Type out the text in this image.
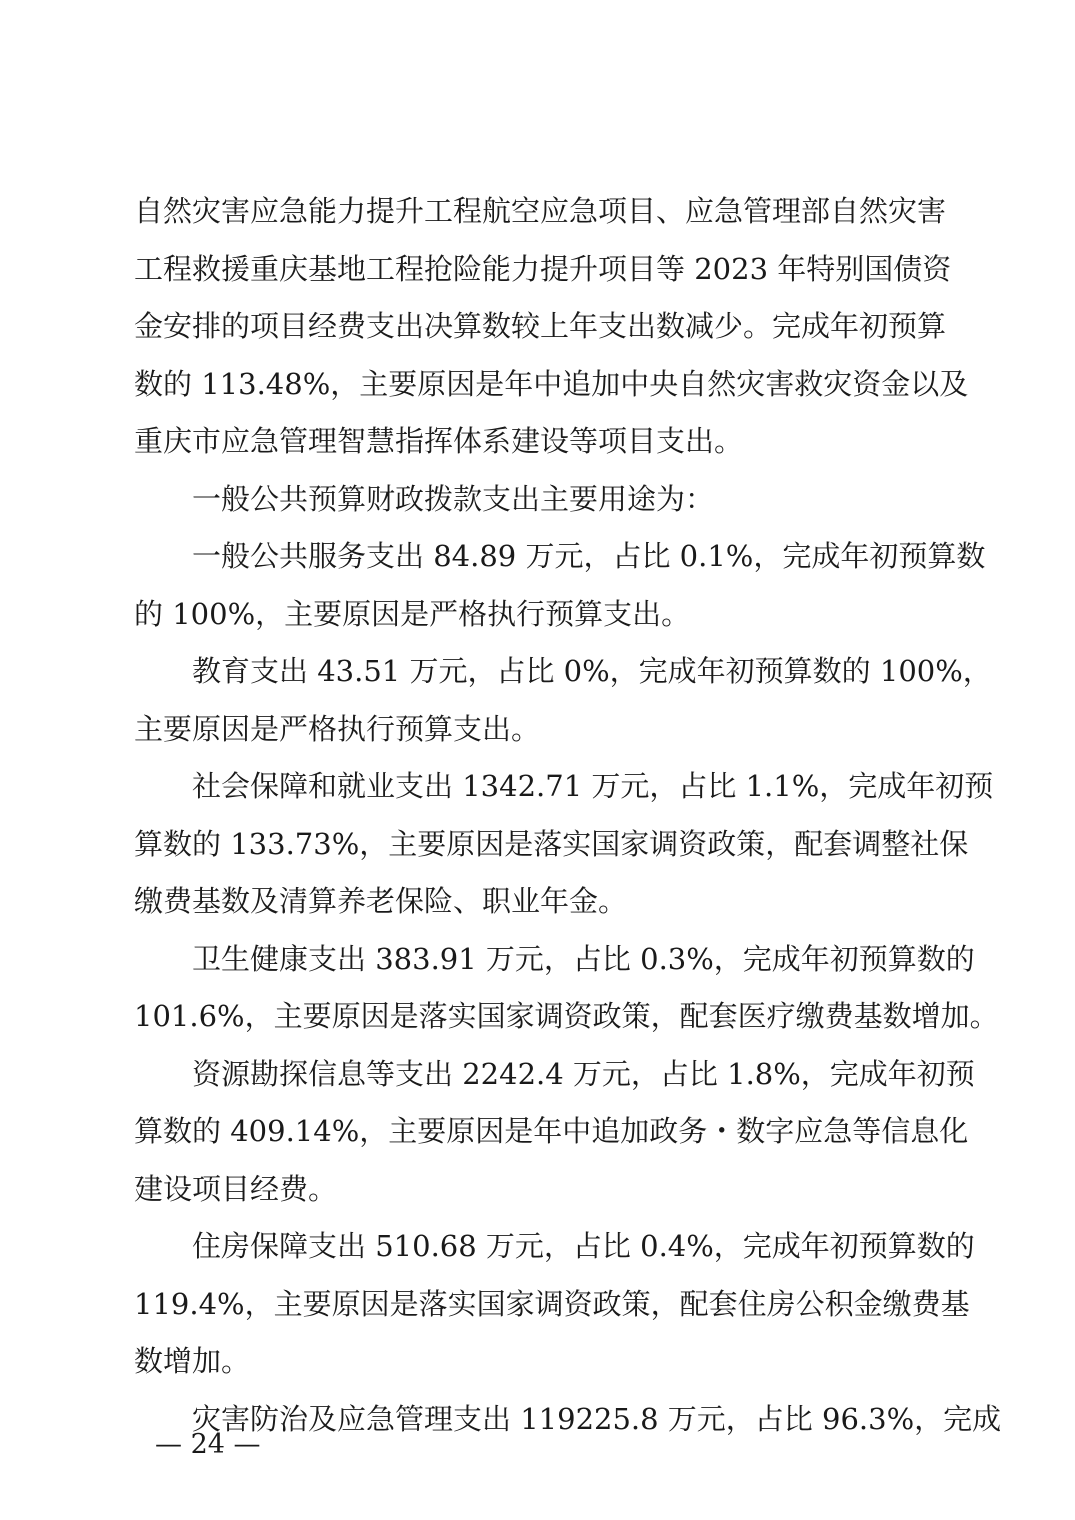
自然灾害应急能力提升工程航空应急项目、应急管理部自然灾害
工程救援重庆基地工程抢险能力提升项目等 2023 年特别国债资
金安排的项目经费支出决算数较上年支出数减少。完成年初预算
数的 113.48%，主要原因是年中追加中央自然灾害救灾资金以及
重庆市应急管理智慧指挥体系建设等项目支出。
一般公共预算财政拨款支出主要用途为：
一般公共服务支出 84.89 万元，占比 0.1%，完成年初预算数
的 100%，主要原因是严格执行预算支出。
教育支出 43.51 万元，占比 0%，完成年初预算数的 100%，
主要原因是严格执行预算支出。
社会保障和就业支出 1342.71 万元，占比 1.1%，完成年初预
算数的 133.73%，主要原因是落实国家调资政策，配套调整社保
缴费基数及清算养老保险、职业年金。
卫生健康支出 383.91 万元，占比 0.3%，完成年初预算数的
101.6%，主要原因是落实国家调资政策，配套医疗缴费基数增加。
资源勘探信息等支出 2242.4 万元，占比 1.8%，完成年初预
算数的 409.14%，主要原因是年中追加政务・数字应急等信息化
建设项目经费。
住房保障支出 510.68 万元，占比 0.4%，完成年初预算数的
119.4%，主要原因是落实国家调资政策，配套住房公积金缴费基
数增加。
灾害防治及应急管理支出 119225.8 万元，占比 96.3%，完成
— 24 —
